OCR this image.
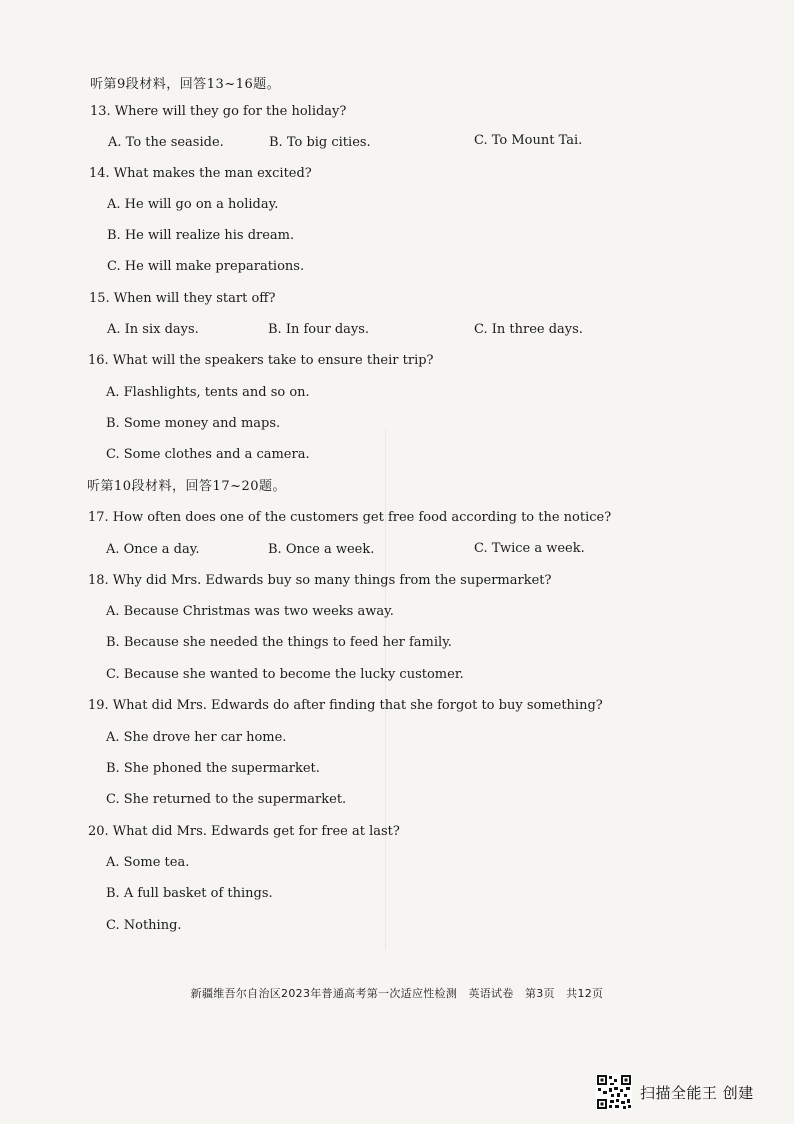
听第9段材料，回答13~16题。
13. Where will they go for the holiday?
A. To the seaside.	B. To big cities.	C. To Mount Tai.
14. What makes the man excited?
A. He will go on a holiday.
B. He will realize his dream.
C. He will make preparations.
15. When will they start off?
A. In six days.	B. In four days.	C. In three days.
16. What will the speakers take to ensure their trip?
A. Flashlights, tents and so on.
B. Some money and maps.
C. Some clothes and a camera.
听第10段材料，回答17~20题。
17. How often does one of the customers get free food according to the notice?
A. Once a day.	B. Once a week.	C. Twice a week.
18. Why did Mrs. Edwards buy so many things from the supermarket?
A. Because Christmas was two weeks away.
B. Because she needed the things to feed her family.
C. Because she wanted to become the lucky customer.
19. What did Mrs. Edwards do after finding that she forgot to buy something?
A. She drove her car home.
B. She phoned the supermarket.
C. She returned to the supermarket.
20. What did Mrs. Edwards get for free at last?
A. Some tea.
B. A full basket of things.
C. Nothing.
新疆维吾尔自治区2023年普通高考第一次适应性检测　英语试卷　第3页　共12页
扫描全能王 创建
